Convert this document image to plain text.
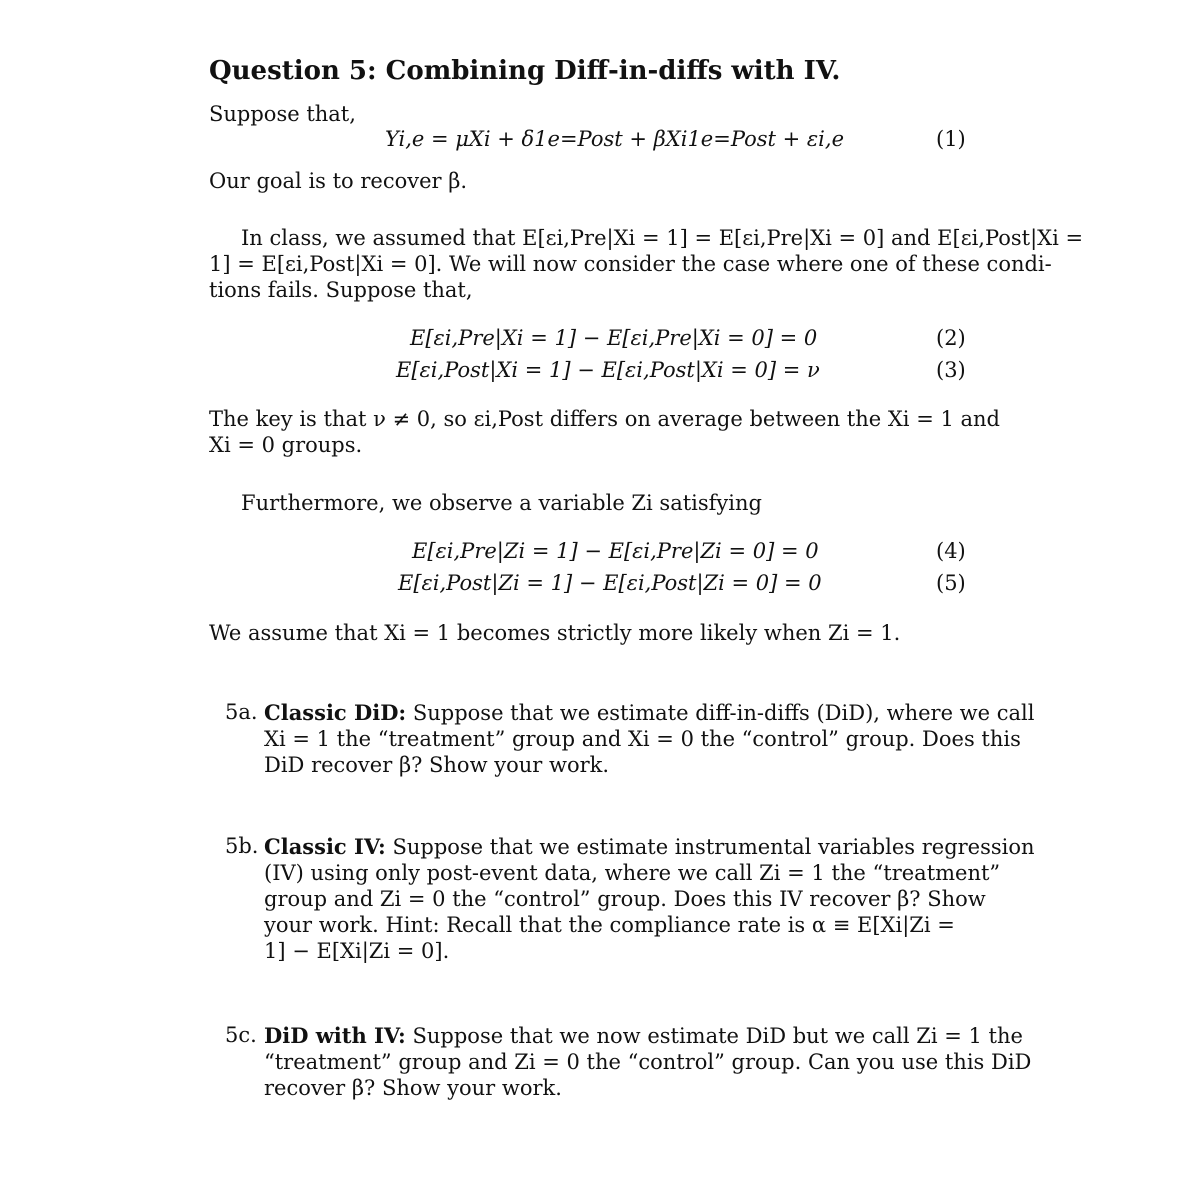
Question 5: Combining Diff-in-diffs with IV.
Suppose that,
Yi,e = μXi + δ1e=Post + βXi1e=Post + εi,e	(1)
Our goal is to recover β.
In class, we assumed that E[εi,Pre|Xi = 1] = E[εi,Pre|Xi = 0] and E[εi,Post|Xi =
1] = E[εi,Post|Xi = 0]. We will now consider the case where one of these condi-
tions fails. Suppose that,
E[εi,Pre|Xi = 1] − E[εi,Pre|Xi = 0] = 0	(2)
E[εi,Post|Xi = 1] − E[εi,Post|Xi = 0] = ν	(3)
The key is that ν ≠ 0, so εi,Post differs on average between the Xi = 1 and
Xi = 0 groups.
Furthermore, we observe a variable Zi satisfying
E[εi,Pre|Zi = 1] − E[εi,Pre|Zi = 0] = 0	(4)
E[εi,Post|Zi = 1] − E[εi,Post|Zi = 0] = 0	(5)
We assume that Xi = 1 becomes strictly more likely when Zi = 1.
5a. Classic DiD: Suppose that we estimate diff-in-diffs (DiD), where we call
Xi = 1 the “treatment” group and Xi = 0 the “control” group. Does this
DiD recover β? Show your work.
5b. Classic IV: Suppose that we estimate instrumental variables regression
(IV) using only post-event data, where we call Zi = 1 the “treatment”
group and Zi = 0 the “control” group. Does this IV recover β? Show
your work. Hint: Recall that the compliance rate is α ≡ E[Xi|Zi =
1] − E[Xi|Zi = 0].
5c. DiD with IV: Suppose that we now estimate DiD but we call Zi = 1 the
“treatment” group and Zi = 0 the “control” group. Can you use this DiD
recover β? Show your work.
